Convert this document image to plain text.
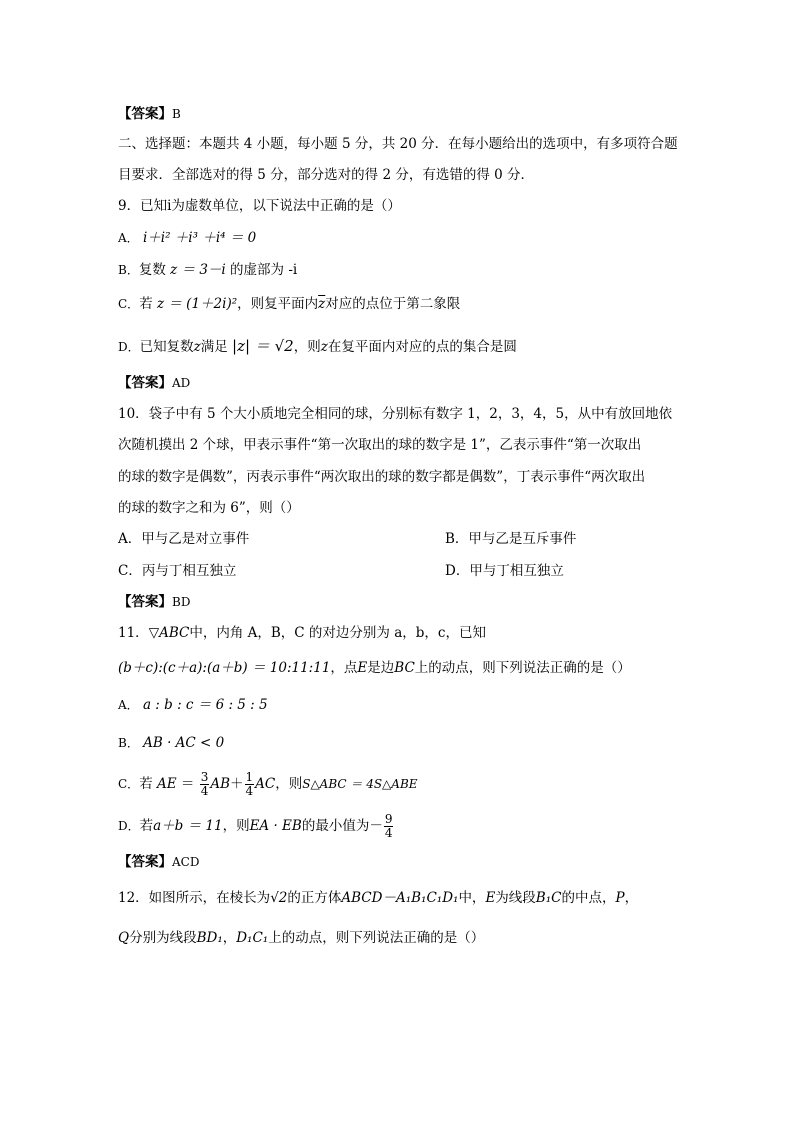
【答案】B
二、选择题：本题共 4 小题，每小题 5 分，共 20 分．在每小题给出的选项中，有多项符合题
目要求．全部选对的得 5 分，部分选对的得 2 分，有选错的得 0 分．
9．已知i为虚数单位，以下说法中正确的是（）
A． i＋i² ＋i³ ＋i⁴ ＝ 0
B．复数 z ＝ 3－i 的虚部为 -i
C．若 z ＝ (1＋2i)²，则复平面内$\overline{z}$对应的点位于第二象限
D．已知复数z满足 |z| ＝ √2，则z在复平面内对应的点的集合是圆
【答案】AD
10．袋子中有 5 个大小质地完全相同的球，分别标有数字 1，2，3，4，5，从中有放回地依
次随机摸出 2 个球，甲表示事件“第一次取出的球的数字是 1”，乙表示事件“第一次取出
的球的数字是偶数”，丙表示事件“两次取出的球的数字都是偶数”，丁表示事件“两次取出
的球的数字之和为 6”，则（）
A．甲与乙是对立事件	B．甲与乙是互斥事件
C．丙与丁相互独立	D．甲与丁相互独立
【答案】BD
11．▽ABC中，内角 A，B，C 的对边分别为 a，b，c，已知
(b＋c):(c＋a):(a＋b) ＝ 10:11:11，点E是边BC上的动点，则下列说法正确的是（）
A． a : b : c ＝ 6 : 5 : 5
B． AB · AC < 0
C．若 AE ＝ $\frac{3}{4} AB+ \frac{1}{4}$ AC，则S△ABC ＝ 4S△ABE
D．若a＋b ＝ 11，则EA · EB的最小值为－ $\frac{9}{4}$
【答案】ACD
12．如图所示，在棱长为√2的正方体ABCD－A₁B₁C₁D₁中，E为线段B₁C的中点，P，
Q分别为线段BD₁，D₁C₁上的动点，则下列说法正确的是（）
